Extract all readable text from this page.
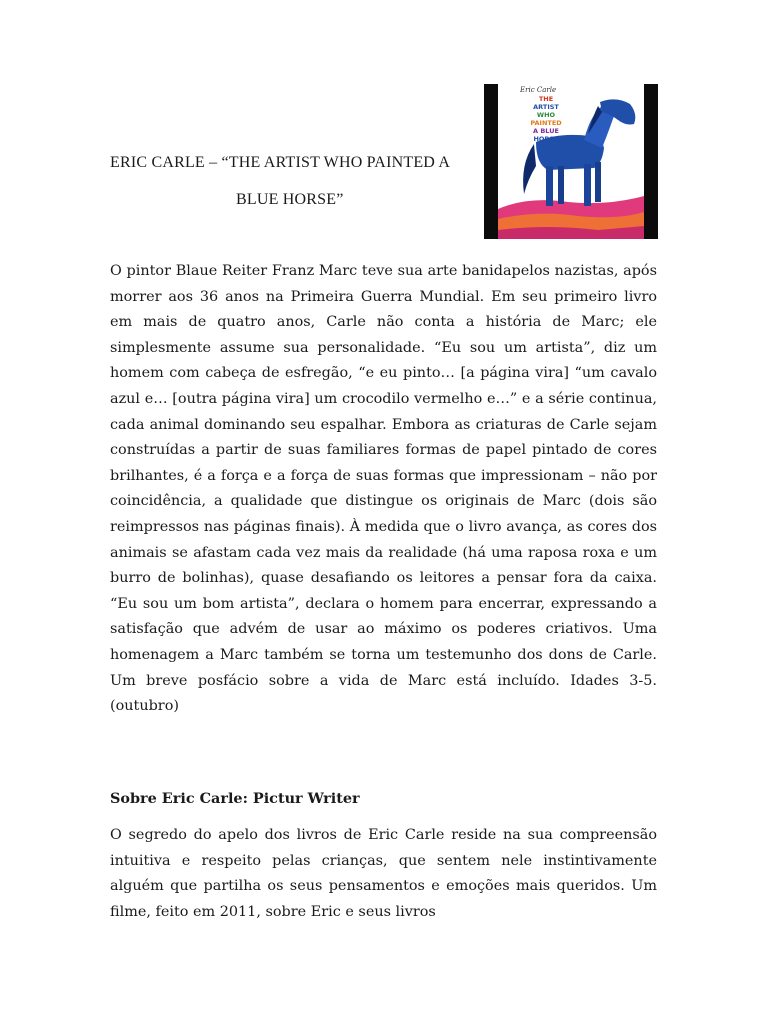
ERIC CARLE – “THE ARTIST WHO PAINTED A
BLUE HORSE”
Eric Carle
THE
ARTIST
WHO
PAINTED
A BLUE
HORSE

O pintor Blaue Reiter Franz Marc teve sua arte banidapelos nazistas, após morrer aos 36 anos na Primeira Guerra Mundial. Em seu primeiro livro em mais de quatro anos, Carle não conta a história de Marc; ele simplesmente assume sua personalidade. “Eu sou um artista”, diz um homem com cabeça de esfregão, “e eu pinto… [a página vira] “um cavalo azul e… [outra página vira] um crocodilo vermelho e…” e a série continua, cada animal dominando seu espalhar. Embora as criaturas de Carle sejam construídas a partir de suas familiares formas de papel pintado de cores brilhantes, é a força e a força de suas formas que impressionam – não por coincidência, a qualidade que distingue os originais de Marc (dois são reimpressos nas páginas finais). À medida que o livro avança, as cores dos animais se afastam cada vez mais da realidade (há uma raposa roxa e um burro de bolinhas), quase desafiando os leitores a pensar fora da caixa. “Eu sou um bom artista”, declara o homem para encerrar, expressando a satisfação que advém de usar ao máximo os poderes criativos. Uma homenagem a Marc também se torna um testemunho dos dons de Carle. Um breve posfácio sobre a vida de Marc está incluído. Idades 3-5. (outubro)

Sobre Eric Carle: Pictur Writer

O segredo do apelo dos livros de Eric Carle reside na sua compreensão intuitiva e respeito pelas crianças, que sentem nele instintivamente alguém que partilha os seus pensamentos e emoções mais queridos. Um filme, feito em 2011, sobre Eric e seus livros
